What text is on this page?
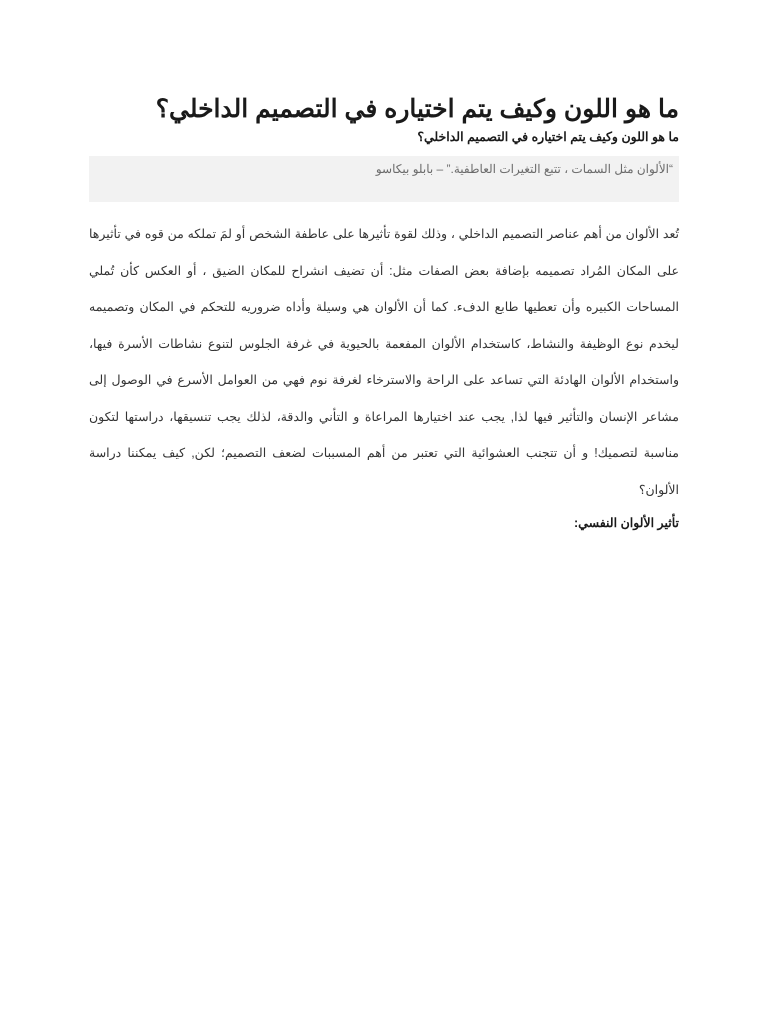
ما هو اللون وكيف يتم اختياره في التصميم الداخلي؟
ما هو اللون وكيف يتم اختياره في التصميم الداخلي؟
“الألوان مثل السمات ، تتبع التغيرات العاطفية.” – بابلو بيكاسو

تُعد الألوان من أهم عناصر التصميم الداخلي ، وذلك لقوة تأثيرها على عاطفة الشخص أو لمَ تملكه من قوه في تأثيرها على المكان المُراد تصميمه بإضافة بعض الصفات مثل: أن تضيف انشراح للمكان الضيق ، أو العكس كأن تُملي المساحات الكبيره وأن تعطيها طابع الدفء. كما أن الألوان هي وسيلة وأداه ضروريه للتحكم في المكان وتصميمه ليخدم نوع الوظيفة والنشاط، كاستخدام الألوان المفعمة بالحيوية في غرفة الجلوس لتنوع نشاطات الأسرة فيها، واستخدام الألوان الهادئة التي تساعد على الراحة والاسترخاء لغرفة نوم فهي من العوامل الأسرع في الوصول إلى مشاعر الإنسان والتأثير فيها لذا, يجب عند اختيارها المراعاة و التأني والدقة، لذلك يجب تنسيقها، دراستها لتكون مناسبة لتصميك! و أن تتجنب العشوائية التي تعتبر من أهم المسببات لضعف التصميم؛ لكن, كيف يمكننا دراسة الألوان؟

تأثير الألوان النفسي:
